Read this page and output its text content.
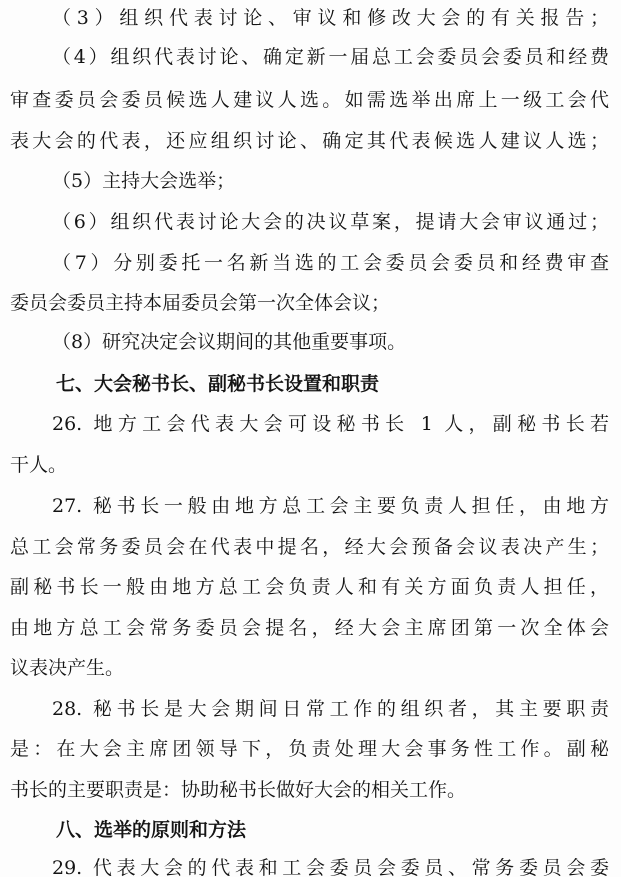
（3）组织代表讨论、审议和修改大会的有关报告；
（4）组织代表讨论、确定新一届总工会委员会委员和经费
审查委员会委员候选人建议人选。如需选举出席上一级工会代
表大会的代表，还应组织讨论、确定其代表候选人建议人选；
（5）主持大会选举；
（6）组织代表讨论大会的决议草案，提请大会审议通过；
（7）分别委托一名新当选的工会委员会委员和经费审查
委员会委员主持本届委员会第一次全体会议；
（8）研究决定会议期间的其他重要事项。
七、大会秘书长、副秘书长设置和职责
26. 地方工会代表大会可设秘书长 1 人，副秘书长若
干人。
27. 秘书长一般由地方总工会主要负责人担任，由地方
总工会常务委员会在代表中提名，经大会预备会议表决产生；
副秘书长一般由地方总工会负责人和有关方面负责人担任，
由地方总工会常务委员会提名，经大会主席团第一次全体会
议表决产生。
28. 秘书长是大会期间日常工作的组织者，其主要职责
是：在大会主席团领导下，负责处理大会事务性工作。副秘
书长的主要职责是：协助秘书长做好大会的相关工作。
八、选举的原则和方法
29. 代表大会的代表和工会委员会委员、常务委员会委
